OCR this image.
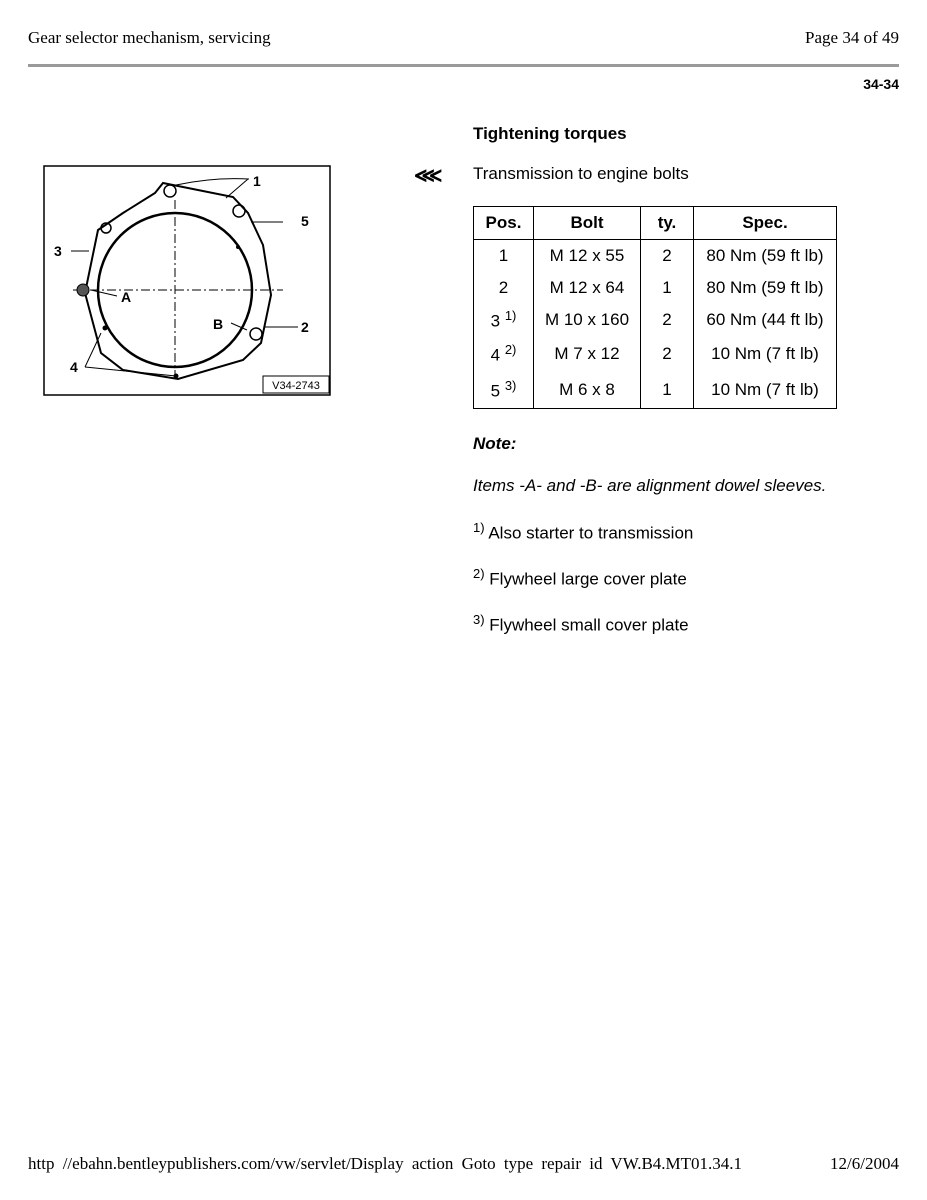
Gear selector mechanism, servicing	Page 34 of 49
34-34
1
5
3
A
B	2
4
V34-2743
⋘
Tightening torques
Transmission to engine bolts
Pos.	Bolt	ty.	Spec.
1	M 12 x 55	2	80 Nm (59 ft lb)
2	M 12 x 64	1	80 Nm (59 ft lb)
3 $^{1)}$	M 10 x 160	2	60 Nm (44 ft lb)
4 $^{2)}$	M 7 x 12	2	10 Nm (7 ft lb)
5 $^{3)}$	M 6 x 8	1	10 Nm (7 ft lb)
Note:
Items -A- and -B- are alignment dowel sleeves.
$^{1)}$ Also starter to transmission
$^{2)}$ Flywheel large cover plate
$^{3)}$ Flywheel small cover plate
http //ebahn.bentleypublishers.com/vw/servlet/Display action Goto type repair id VW.B4.MT01.34.1	12/6/2004
